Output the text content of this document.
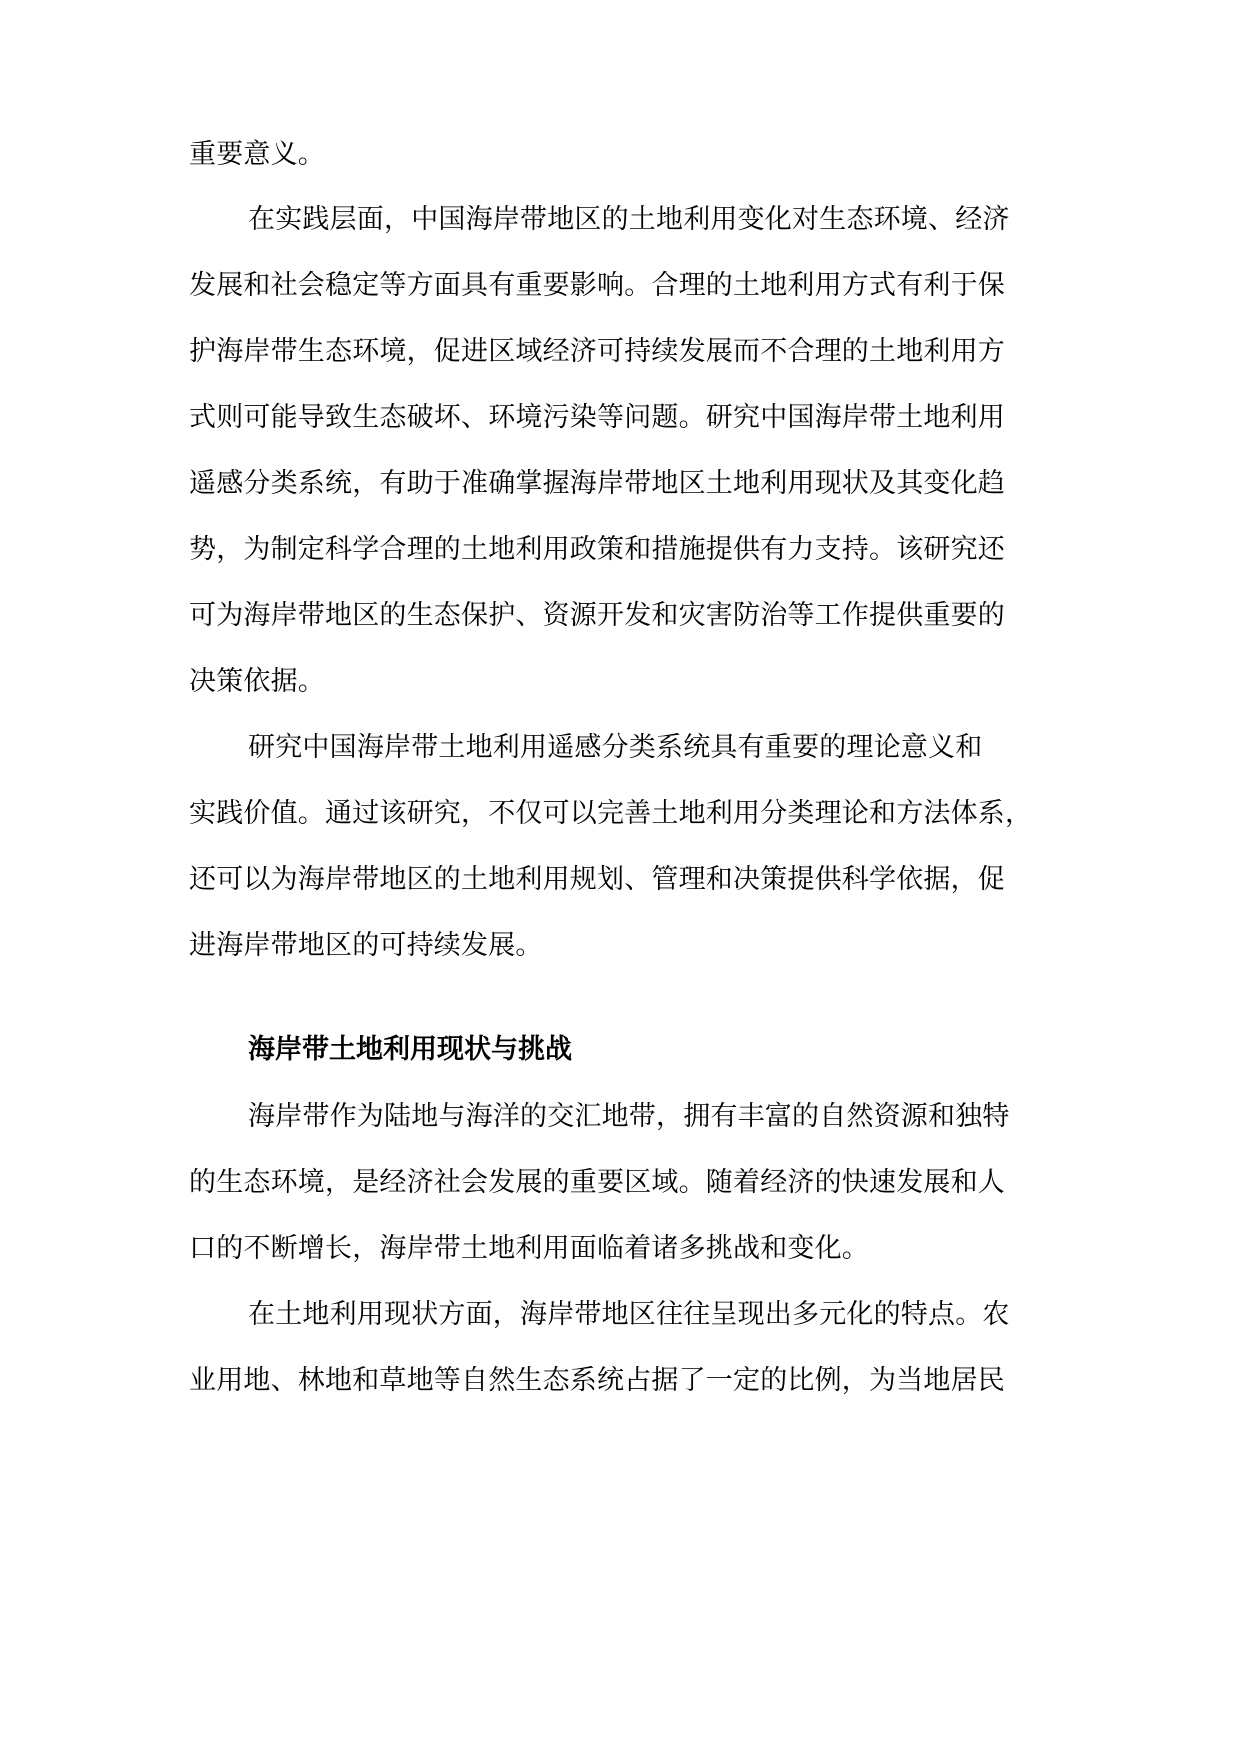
重要意义。
在实践层面，中国海岸带地区的土地利用变化对生态环境、经济
发展和社会稳定等方面具有重要影响。合理的土地利用方式有利于保
护海岸带生态环境，促进区域经济可持续发展而不合理的土地利用方
式则可能导致生态破坏、环境污染等问题。研究中国海岸带土地利用
遥感分类系统，有助于准确掌握海岸带地区土地利用现状及其变化趋
势，为制定科学合理的土地利用政策和措施提供有力支持。该研究还
可为海岸带地区的生态保护、资源开发和灾害防治等工作提供重要的
决策依据。
研究中国海岸带土地利用遥感分类系统具有重要的理论意义和
实践价值。通过该研究，不仅可以完善土地利用分类理论和方法体系，
还可以为海岸带地区的土地利用规划、管理和决策提供科学依据，促
进海岸带地区的可持续发展。
海岸带土地利用现状与挑战
海岸带作为陆地与海洋的交汇地带，拥有丰富的自然资源和独特
的生态环境，是经济社会发展的重要区域。随着经济的快速发展和人
口的不断增长，海岸带土地利用面临着诸多挑战和变化。
在土地利用现状方面，海岸带地区往往呈现出多元化的特点。农
业用地、林地和草地等自然生态系统占据了一定的比例，为当地居民
